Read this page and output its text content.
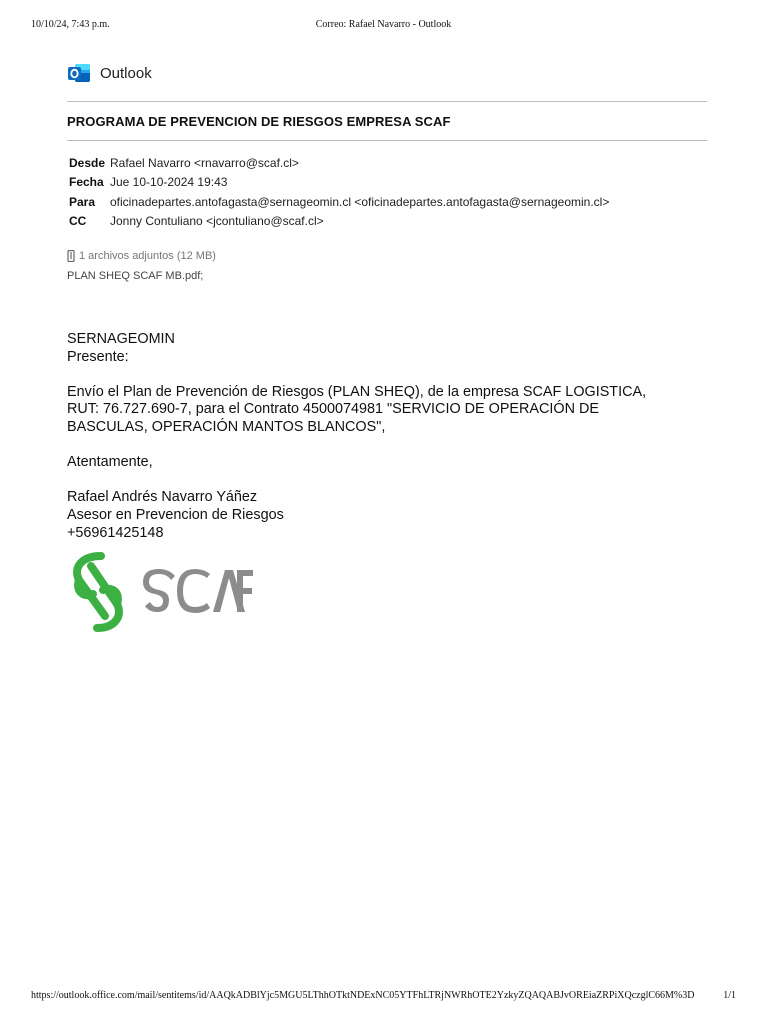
10/10/24, 7:43 p.m.	Correo: Rafael Navarro - Outlook
Outlook
PROGRAMA DE PREVENCION DE RIESGOS EMPRESA SCAF
Desde Rafael Navarro <rnavarro@scaf.cl>
Fecha Jue 10-10-2024 19:43
Para	oficinadepartes.antofagasta@sernageomin.cl <oficinadepartes.antofagasta@sernageomin.cl>
CC	Jonny Contuliano <jcontuliano@scaf.cl>
1 archivos adjuntos (12 MB)
PLAN SHEQ SCAF MB.pdf;

SERNAGEOMIN

Presente:

Envío el Plan de Prevención de Riesgos (PLAN SHEQ), de la empresa SCAF LOGISTICA,

RUT: 76.727.690-7, para el Contrato 4500074981 "SERVICIO DE OPERACIÓN DE

BASCULAS, OPERACIÓN MANTOS BLANCOS",

Atentamente,

Rafael Andrés Navarro Yáñez

Asesor en Prevencion de Riesgos

+56961425148

https://outlook.office.com/mail/sentitems/id/AAQkADBlYjc5MGU5LThhOTktNDExNC05YTFhLTRjNWRhOTE2YzkyZQAQABJvOREiaZRPiXQczglC66M%3D	1/1
